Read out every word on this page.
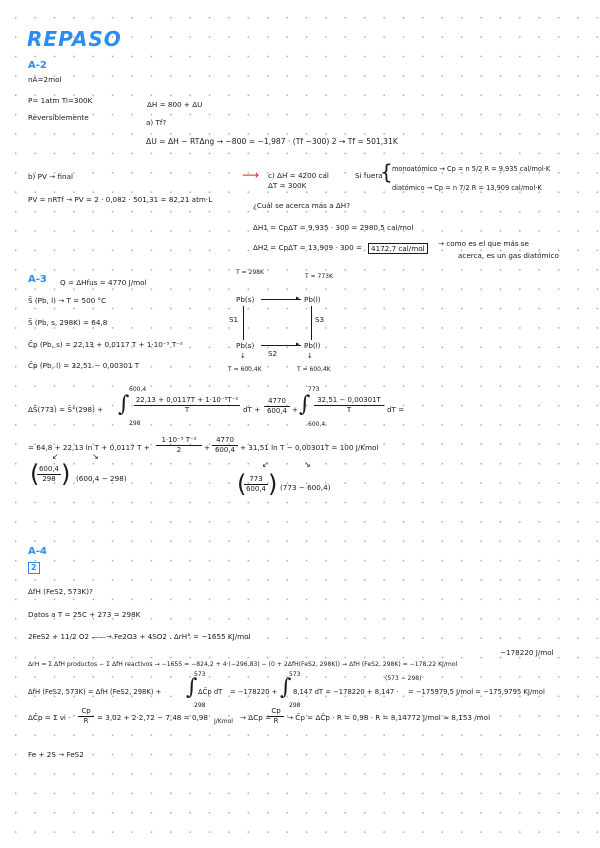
REPASO
A-2
nA=2mol
P= 1atm Ti=300K
Reversiblemente
ΔH = 800 + ΔU
a) Tf?
ΔU = ΔH − RTΔng → −800 = −1,987 · (Tf −300) 2 → Tf = 501,31K
b) PV → final
PV = nRTf → PV = 2 · 0,082 · 501,31 = 82,21 atm·L
⟶ c) ΔH = 4200 cal
ΔT = 300K
¿Cuál se acerca más a ΔH?
Si fuera
{ monoatómico → Cp = n 5/2 R = 9,935 cal/mol·K
diatómico → Cp = n 7/2 R = 13,909 cal/mol·K
ΔH1 = CpΔT = 9,935 · 300 = 2980,5 cal/mol
ΔH2 = CpΔT = 13,909 · 300 =	4172,7 cal/mol
→ como es el que más se
acerca, es un gas diatómico
A-3 Q = ΔHfus = 4770 J/mol
S̄ (Pb, l) → T = 500 °C
S̄ (Pb, s, 298K) = 64,8
C̄p (Pb, s) = 22,13 + 0,0117 T + 1·10⁻⁵ T⁻²
C̄p (Pb, l) = 32,51 − 0,00301 T
T = 298K
T = 773K
Pb(s)	Pb(l)
▸
S1	S3
Pb(s)	Pb(l)
▸
S2
↓	↓
T = 600,4K	T = 600,4K
ΔS̄(773) = S̄°(298) + ∫
600,4
298
$\frac{\text{22,13 + 0,0117T + 1·10⁻⁵T⁻²}}{T}$ dT + $\frac{4770}{600,4}$ + ∫
773
600,4
$\frac{32,51 - 0,00301T}{T}$ dT =
= 64,8 + 22,13 ln T + 0,0117 $T + \frac{\text{1·10⁻⁵ T⁻²}}{2} + \frac{4770}{600,4} + 31,51$ ln T − 0,00301T = 100 J/Kmol
↙	↘
(
$\frac{600,4}{298}$ ) (600,4 − 298)
↙	↘
(
$\frac{773}{600,4}$ ) (773 − 600,4)
A-4
2
ΔfH (FeS2, 573K)?
Datos a T = 25C + 273 = 298K
2FeS2 + 11/2 O2 ——→ Fe2O3 + 4SO2 . ΔrH° = −1655 KJ/mol
−178220 J/mol
ΔrH = Σ ΔfH productos − Σ ΔfH reactivos → −1655 = −824,2 + 4·(−296,83) − (0 + 2ΔfH(FeS2, 298K)) → ΔfH (FeS2, 298K) = −178,22 KJ/mol
(573 − 298)
ΔfH (FeS2, 573K) = ΔfH (FeS2, 298K) + ∫
573
298
ΔC̄p dT = −178220 + ∫
573
298
8,147 dT = −178220 + 8,147 · = −175979,5 J/mol = −175,9795 KJ/mol
ΔC̄p = Σ $\nu i \cdot \frac{Cp}{R} = 3,02 + 2\cdot 2,72 - 7,48 = 0,98$ J/Kmol → ΔCp =
$\frac{Cp}{R}$ → C̄p = ΔC̄p · R = 0,98 · R = 8,14772 J/mol ≈ 8,153 /mol
Fe + 2S → FeS2
